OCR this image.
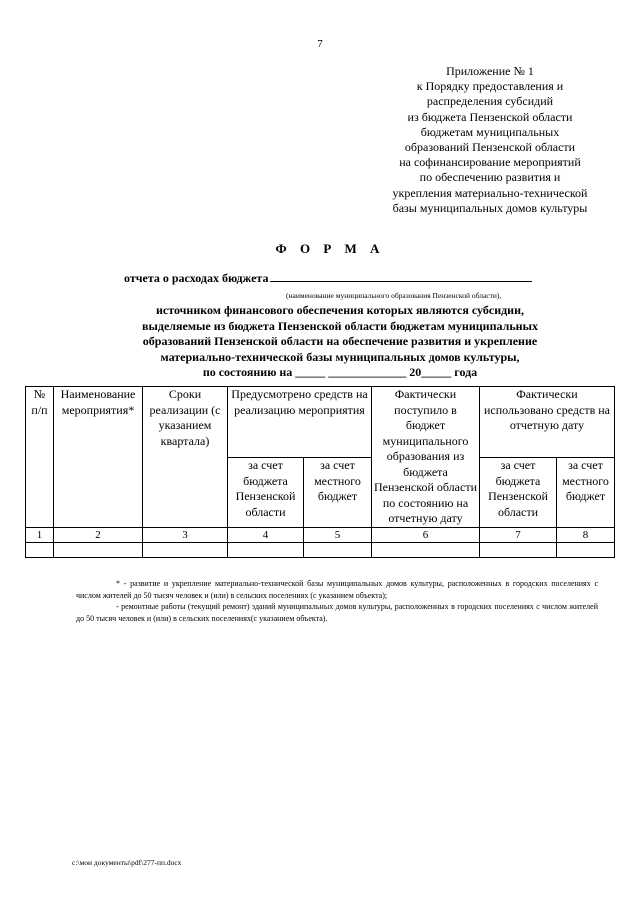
7
Приложение № 1
к Порядку предоставления и
распределения субсидий
из бюджета Пензенской области
бюджетам муниципальных
образований Пензенской области
на софинансирование мероприятий
по обеспечению развития и
укрепления материально-технической
базы муниципальных домов культуры
Ф О Р М А
отчета о расходах бюджета
(наименование муниципального образования Пензенской области),
источником финансового обеспечения которых являются субсидии,
выделяемые из бюджета Пензенской области бюджетам муниципальных
образований Пензенской области на обеспечение развития и укрепление
материально-технической базы муниципальных домов культуры,
по состоянию на _____ _____________ 20_____ года
№ п/п	Наименование мероприятия*	Сроки реализации (с указанием квартала)	Предусмотрено средств на реализацию мероприятия		Фактически поступило в бюджет муниципального образования из бюджета Пензенской области по состоянию на отчетную дату	Фактически использовано средств на отчетную дату	
			за счет бюджета Пензенской области	за счет местного бюджет		за счет бюджета Пензенской области	за счет местного бюджет
1	2	3	4	5	6	7	8

* - развитие и укрепление материально-технической базы муниципальных домов культуры, расположенных в городских поселениях с числом жителей до 50 тысяч человек и (или) в сельских поселениях (с указанием объекта);

- ремонтные работы (текущий ремонт) зданий муниципальных домов культуры, расположенных в городских поселениях с числом жителей до 50 тысяч человек и (или) в сельских поселениях(с указанием объекта).

c:\мои документы\pdf\277-пп.docx
